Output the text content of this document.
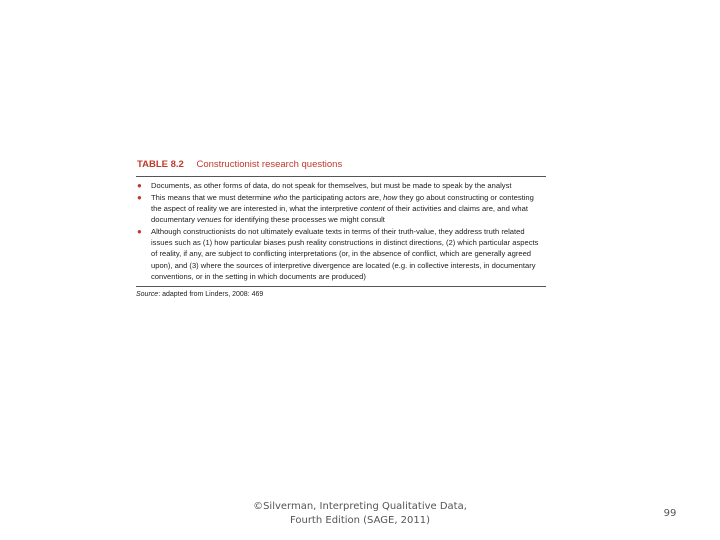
TABLE 8.2 Constructionist research questions
● Documents, as other forms of data, do not speak for themselves, but must be made to speak by the analyst
● This means that we must determine who the participating actors are, how they go about constructing or contesting the aspect of reality we are interested in, what the interpretive content of their activities and claims are, and what documentary venues for identifying these processes we might consult
● Although constructionists do not ultimately evaluate texts in terms of their truth-value, they address truth related issues such as (1) how particular biases push reality constructions in distinct directions, (2) which particular aspects of reality, if any, are subject to conflicting interpretations (or, in the absence of conflict, which are generally agreed upon), and (3) where the sources of interpretive divergence are located (e.g. in collective interests, in documentary conventions, or in the setting in which documents are produced)
Source: adapted from Linders, 2008: 469
©Silverman, Interpreting Qualitative Data,
Fourth Edition (SAGE, 2011)
99
